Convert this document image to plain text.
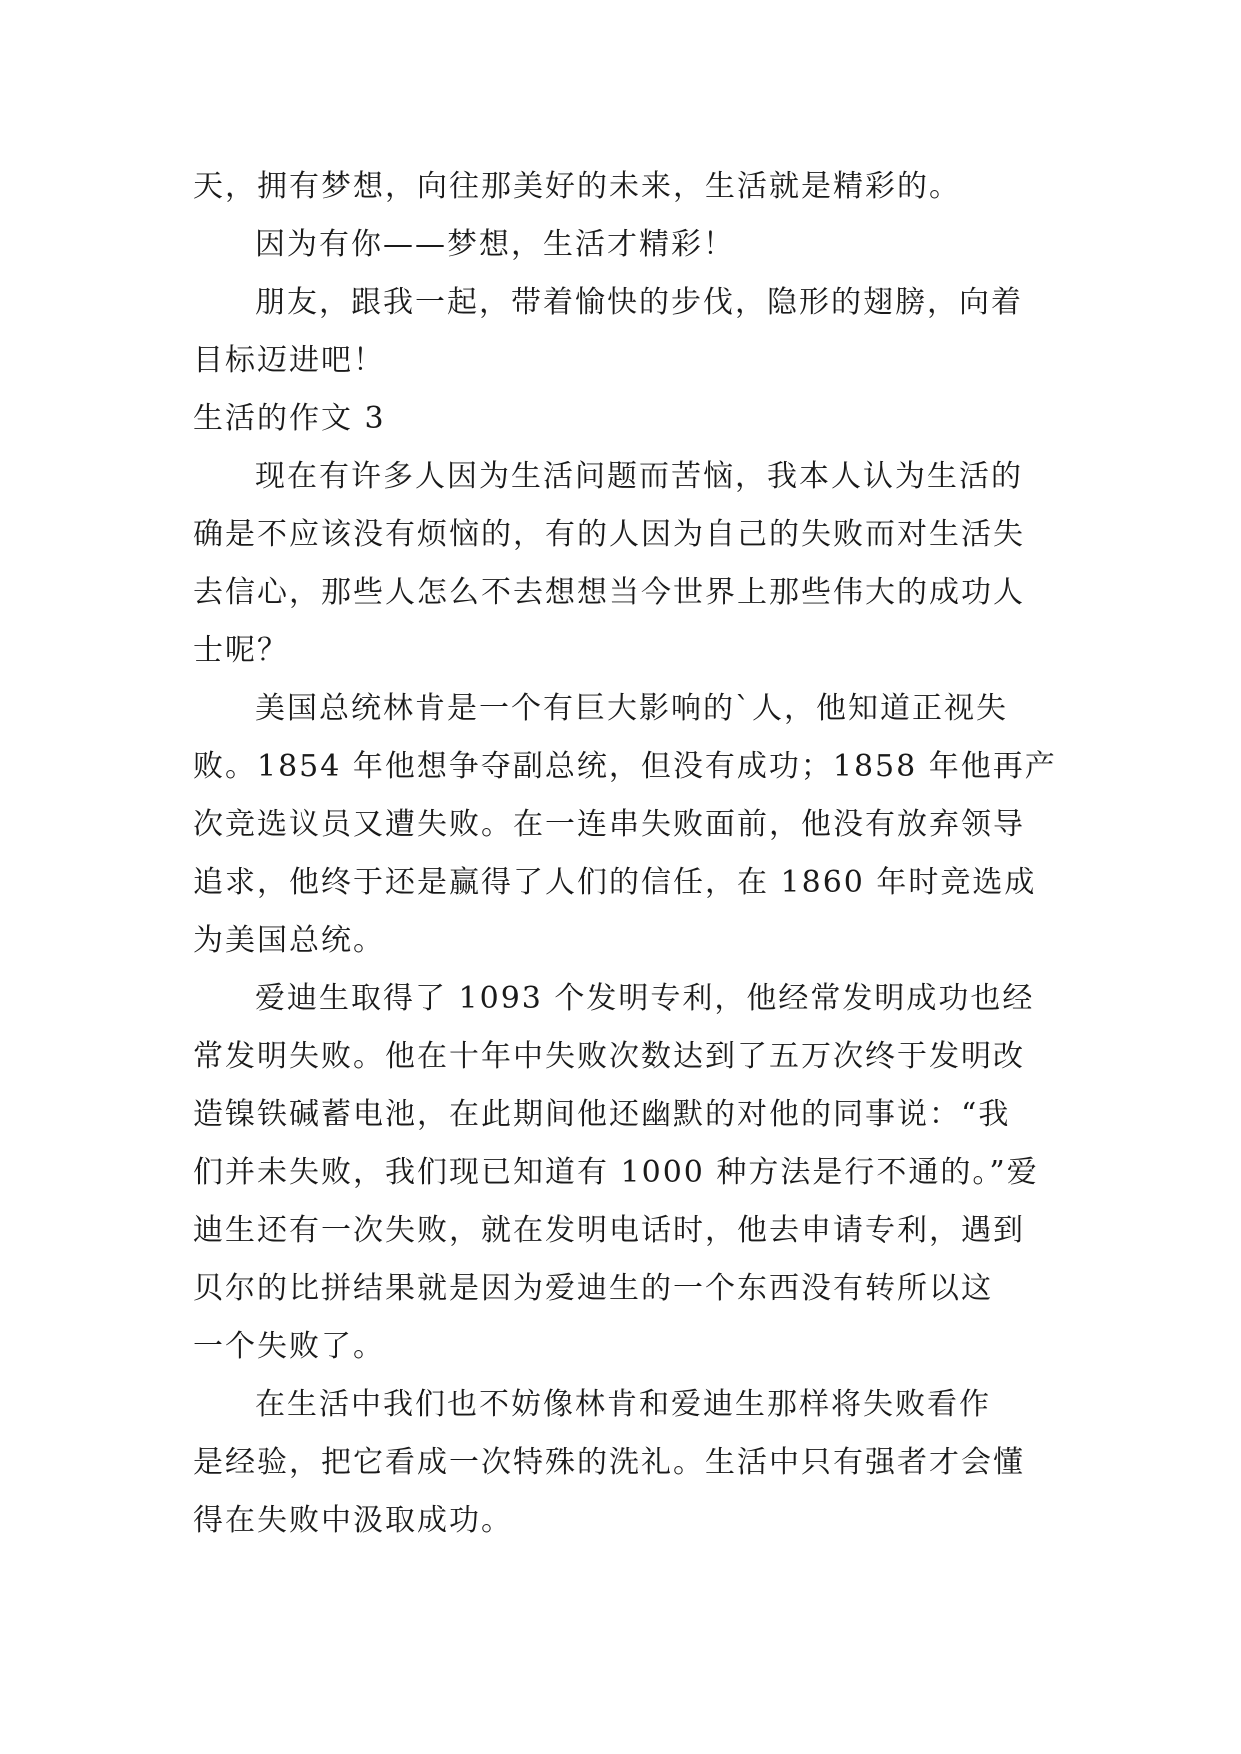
天，拥有梦想，向往那美好的未来，生活就是精彩的。
因为有你——梦想，生活才精彩！
朋友，跟我一起，带着愉快的步伐，隐形的翅膀，向着
目标迈进吧！
生活的作文 3
现在有许多人因为生活问题而苦恼，我本人认为生活的
确是不应该没有烦恼的，有的人因为自己的失败而对生活失
去信心，那些人怎么不去想想当今世界上那些伟大的成功人
士呢？
美国总统林肯是一个有巨大影响的`人，他知道正视失
败。1854 年他想争夺副总统，但没有成功；1858 年他再产
次竞选议员又遭失败。在一连串失败面前，他没有放弃领导
追求，他终于还是赢得了人们的信任，在 1860 年时竞选成
为美国总统。
爱迪生取得了 1093 个发明专利，他经常发明成功也经
常发明失败。他在十年中失败次数达到了五万次终于发明改
造镍铁碱蓄电池，在此期间他还幽默的对他的同事说：“我
们并未失败，我们现已知道有 1000 种方法是行不通的。”爱
迪生还有一次失败，就在发明电话时，他去申请专利，遇到
贝尔的比拼结果就是因为爱迪生的一个东西没有转所以这
一个失败了。
在生活中我们也不妨像林肯和爱迪生那样将失败看作
是经验，把它看成一次特殊的洗礼。生活中只有强者才会懂
得在失败中汲取成功。
